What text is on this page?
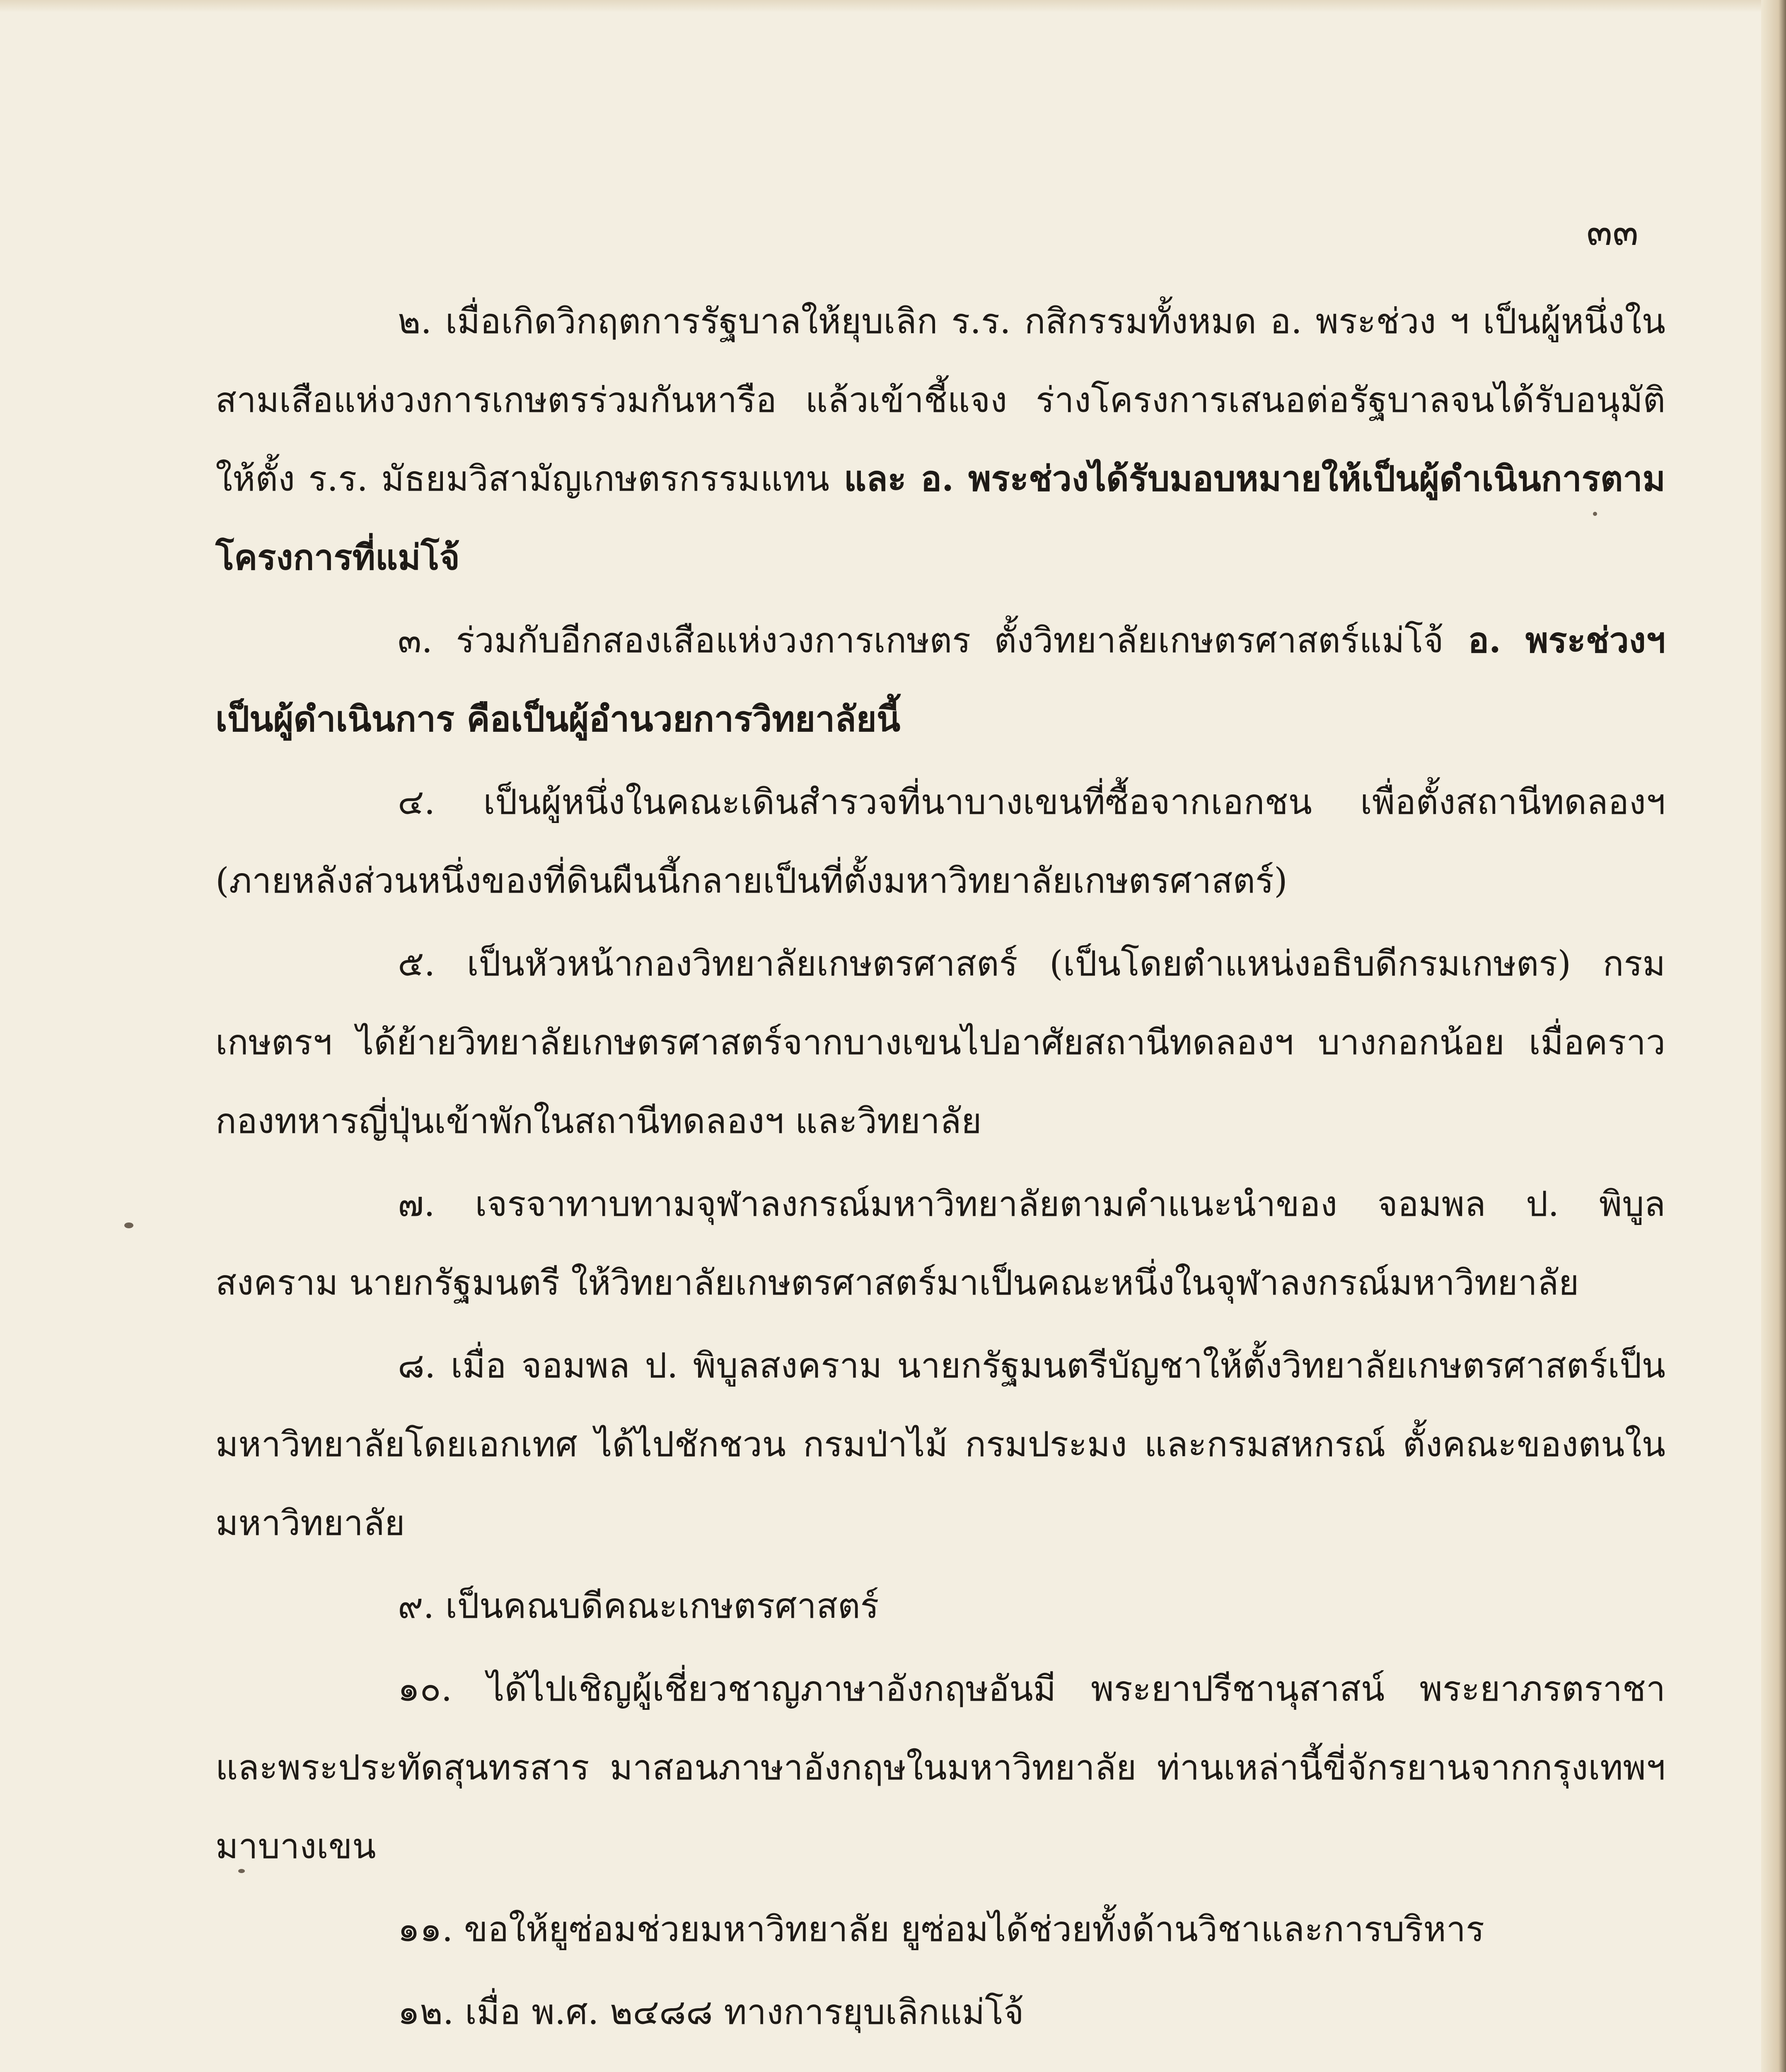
๓๓

๒. เมื่อเกิดวิกฤตการรัฐบาลให้ยุบเลิก ร.ร. กสิกรรมทั้งหมด อ. พระช่วง ฯ เป็นผู้หนึ่งในสามเสือแห่งวงการเกษตรร่วมกันหารือ แล้วเข้าชี้แจง ร่างโครงการเสนอต่อรัฐบาลจนได้รับอนุมัติให้ตั้ง ร.ร. มัธยมวิสามัญเกษตรกรรมแทน และ อ. พระช่วงได้รับมอบหมายให้เป็นผู้ดำเนินการตามโครงการที่แม่โจ้

๓. ร่วมกับอีกสองเสือแห่งวงการเกษตร ตั้งวิทยาลัยเกษตรศาสตร์แม่โจ้ อ. พระช่วงฯ เป็นผู้ดำเนินการ คือเป็นผู้อำนวยการวิทยาลัยนี้

๔. เป็นผู้หนึ่งในคณะเดินสำรวจที่นาบางเขนที่ซื้อจากเอกชน เพื่อตั้งสถานีทดลองฯ (ภายหลังส่วนหนึ่งของที่ดินผืนนี้กลายเป็นที่ตั้งมหาวิทยาลัยเกษตรศาสตร์)

๕. เป็นหัวหน้ากองวิทยาลัยเกษตรศาสตร์ (เป็นโดยตำแหน่งอธิบดีกรมเกษตร) กรมเกษตรฯ ได้ย้ายวิทยาลัยเกษตรศาสตร์จากบางเขนไปอาศัยสถานีทดลองฯ บางกอกน้อย เมื่อคราวกองทหารญี่ปุ่นเข้าพักในสถานีทดลองฯ และวิทยาลัย

๗. เจรจาทาบทามจุฬาลงกรณ์มหาวิทยาลัยตามคำแนะนำของ จอมพล ป. พิบูลสงคราม นายกรัฐมนตรี ให้วิทยาลัยเกษตรศาสตร์มาเป็นคณะหนึ่งในจุฬาลงกรณ์มหาวิทยาลัย

๘. เมื่อ จอมพล ป. พิบูลสงคราม นายกรัฐมนตรีบัญชาให้ตั้งวิทยาลัยเกษตรศาสตร์เป็นมหาวิทยาลัยโดยเอกเทศ ได้ไปชักชวน กรมป่าไม้ กรมประมง และกรมสหกรณ์ ตั้งคณะของตนในมหาวิทยาลัย

๙. เป็นคณบดีคณะเกษตรศาสตร์

๑๐. ได้ไปเชิญผู้เชี่ยวชาญภาษาอังกฤษอันมี พระยาปรีชานุสาสน์ พระยาภรตราชา และพระประทัดสุนทรสาร มาสอนภาษาอังกฤษในมหาวิทยาลัย ท่านเหล่านี้ขี่จักรยานจากกรุงเทพฯ มาบางเขน

๑๑. ขอให้ยูซ่อมช่วยมหาวิทยาลัย ยูซ่อมได้ช่วยทั้งด้านวิชาและการบริหาร

๑๒. เมื่อ พ.ศ. ๒๔๘๘ ทางการยุบเลิกแม่โจ้
